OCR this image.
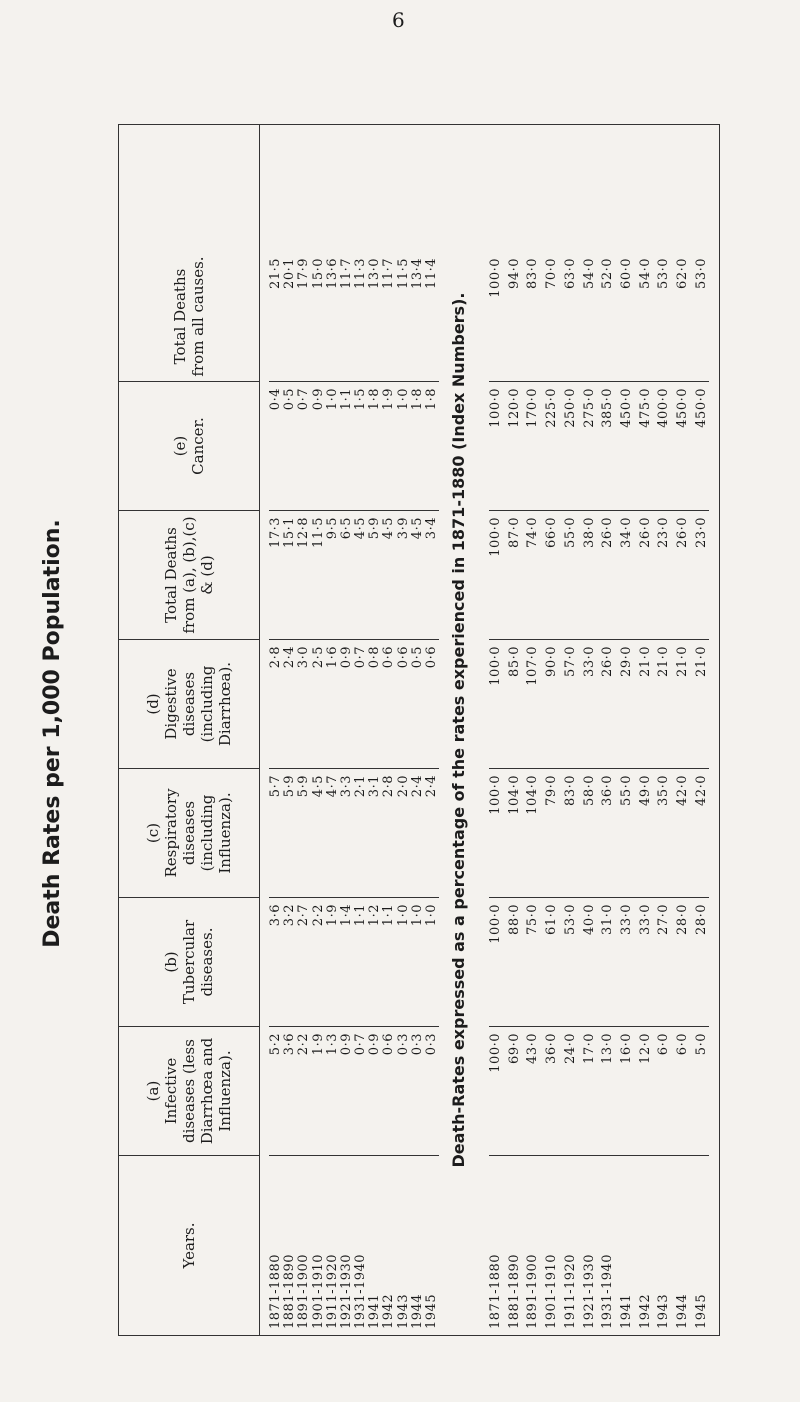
6
Death Rates per 1,000 Population.
Years.
(a) Infective diseases (less Diarrhœa and Influenza).
(b) Tubercular diseases.
(c) Respiratory diseases (including Influenza).
(d) Digestive diseases (including Diarrhœa).
Total Deaths from (a), (b),(c) & (d)
(e) Cancer.
Total Deaths from all causes.
1871-1880 1881-1890 1891-1900 1901-1910 1911-1920 1921-1930 1931-1940 1941 1942 1943 1944 1945
5·2 3·6 2·2 1·9 1·3 0·9 0·7 0·9 0·6 0·3 0·3 0·3
3·6 3·2 2·7 2·2 1·9 1·4 1·1 1·2 1·1 1·0 1·0 1·0
5·7 5·9 5·9 4·5 4·7 3·3 2·1 3·1 2·8 2·0 2·4 2·4
2·8 2·4 3·0 2·5 1·6 0·9 0·7 0·8 0·6 0·6 0·5 0·6
17·3 15·1 12·8 11·5 9·5 6·5 4·5 5·9 4·5 3·9 4·5 3·4
0·4 0·5 0·7 0·9 1·0 1·1 1·5 1·8 1·9 1·0 1·8 1·8
21·5 20·1 17·9 15·0 13·6 11·7 11·3 13·0 11·7 11·5 13·4 11·4
Death-Rates expressed as a percentage of the rates experienced in 1871-1880 (Index Numbers).
1871-1880 1881-1890 1891-1900 1901-1910 1911-1920 1921-1930 1931-1940 1941 1942 1943 1944 1945
100·0 69·0 43·0 36·0 24·0 17·0 13·0 16·0 12·0 6·0 6·0 5·0
100·0 88·0 75·0 61·0 53·0 40·0 31·0 33·0 33·0 27·0 28·0 28·0
100·0 104·0 104·0 79·0 83·0 58·0 36·0 55·0 49·0 35·0 42·0 42·0
100·0 85·0 107·0 90·0 57·0 33·0 26·0 29·0 21·0 21·0 21·0 21·0
100·0 87·0 74·0 66·0 55·0 38·0 26·0 34·0 26·0 23·0 26·0 23·0
100·0 120·0 170·0 225·0 250·0 275·0 385·0 450·0 475·0 400·0 450·0 450·0
100·0 94·0 83·0 70·0 63·0 54·0 52·0 60·0 54·0 53·0 62·0 53·0
